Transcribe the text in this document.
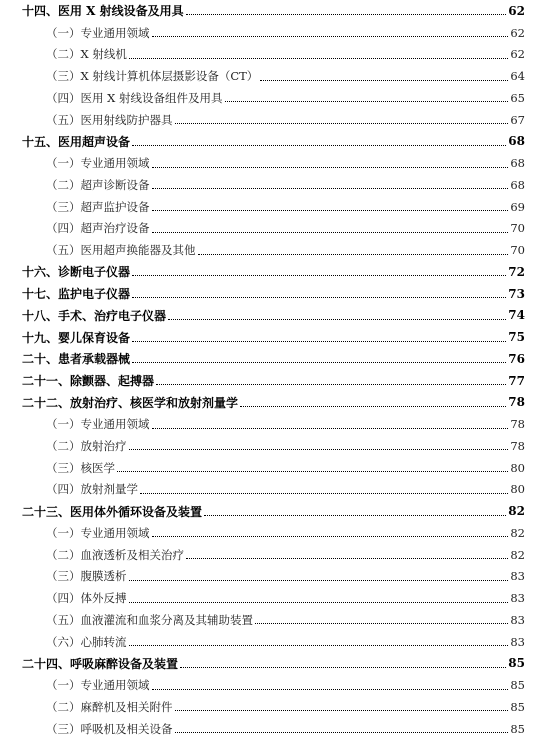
十四、医用 X 射线设备及用具	62
（一）专业通用领域	62
（二）X 射线机	62
（三）X 射线计算机体层摄影设备（CT）	64
（四）医用 X 射线设备组件及用具	65
（五）医用射线防护器具	67
十五、医用超声设备	68
（一）专业通用领域	68
（二）超声诊断设备	68
（三）超声监护设备	69
（四）超声治疗设备	70
（五）医用超声换能器及其他	70
十六、诊断电子仪器	72
十七、监护电子仪器	73
十八、手术、治疗电子仪器	74
十九、婴儿保育设备	75
二十、患者承载器械	76
二十一、除颤器、起搏器	77
二十二、放射治疗、核医学和放射剂量学	78
（一）专业通用领域	78
（二）放射治疗	78
（三）核医学	80
（四）放射剂量学	80
二十三、医用体外循环设备及装置	82
（一）专业通用领域	82
（二）血液透析及相关治疗	82
（三）腹膜透析	83
（四）体外反搏	83
（五）血液灌流和血浆分离及其辅助装置	83
（六）心肺转流	83
二十四、呼吸麻醉设备及装置	85
（一）专业通用领域	85
（二）麻醉机及相关附件	85
（三）呼吸机及相关设备	85
